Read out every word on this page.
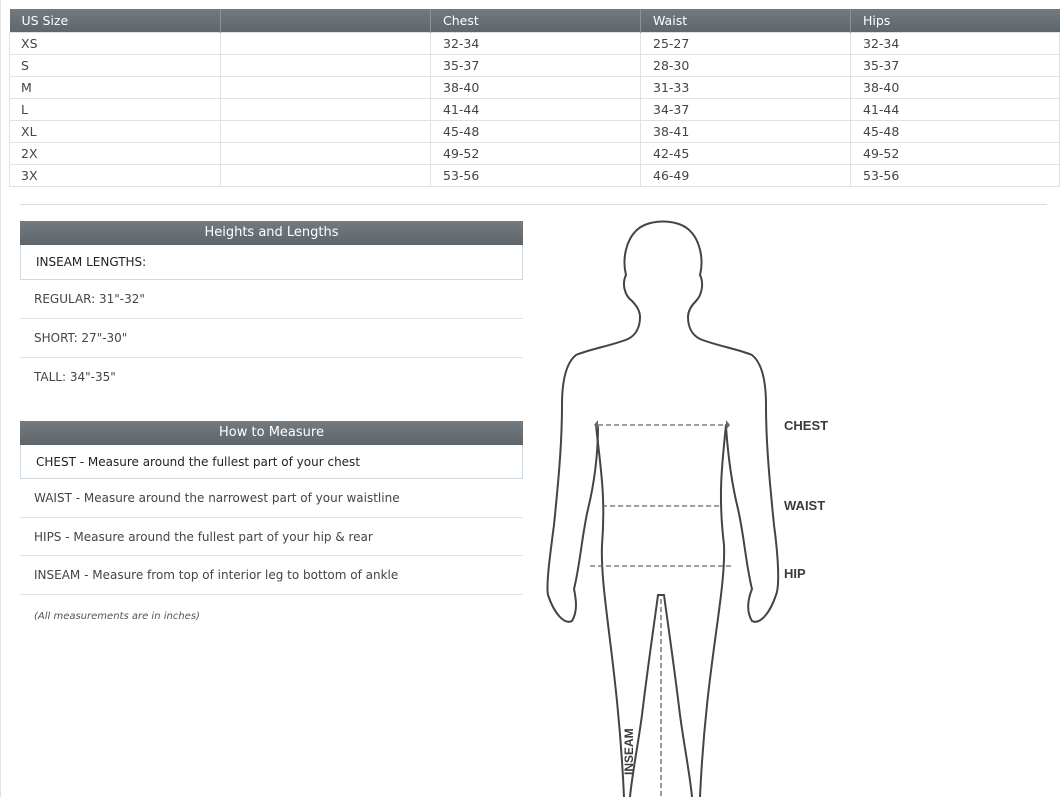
US Size		Chest	Waist	Hips
XS		32-34	25-27	32-34
S		35-37	28-30	35-37
M		38-40	31-33	38-40
L		41-44	34-37	41-44
XL		45-48	38-41	45-48
2X		49-52	42-45	49-52
3X		53-56	46-49	53-56
Heights and Lengths
INSEAM LENGTHS:
REGULAR: 31"-32"
SHORT: 27"-30"
TALL: 34"-35"
How to Measure
CHEST - Measure around the fullest part of your chest
WAIST - Measure around the narrowest part of your waistline
HIPS - Measure around the fullest part of your hip & rear
INSEAM - Measure from top of interior leg to bottom of ankle
(All measurements are in inches)
CHEST
WAIST
HIP
INSEAM
